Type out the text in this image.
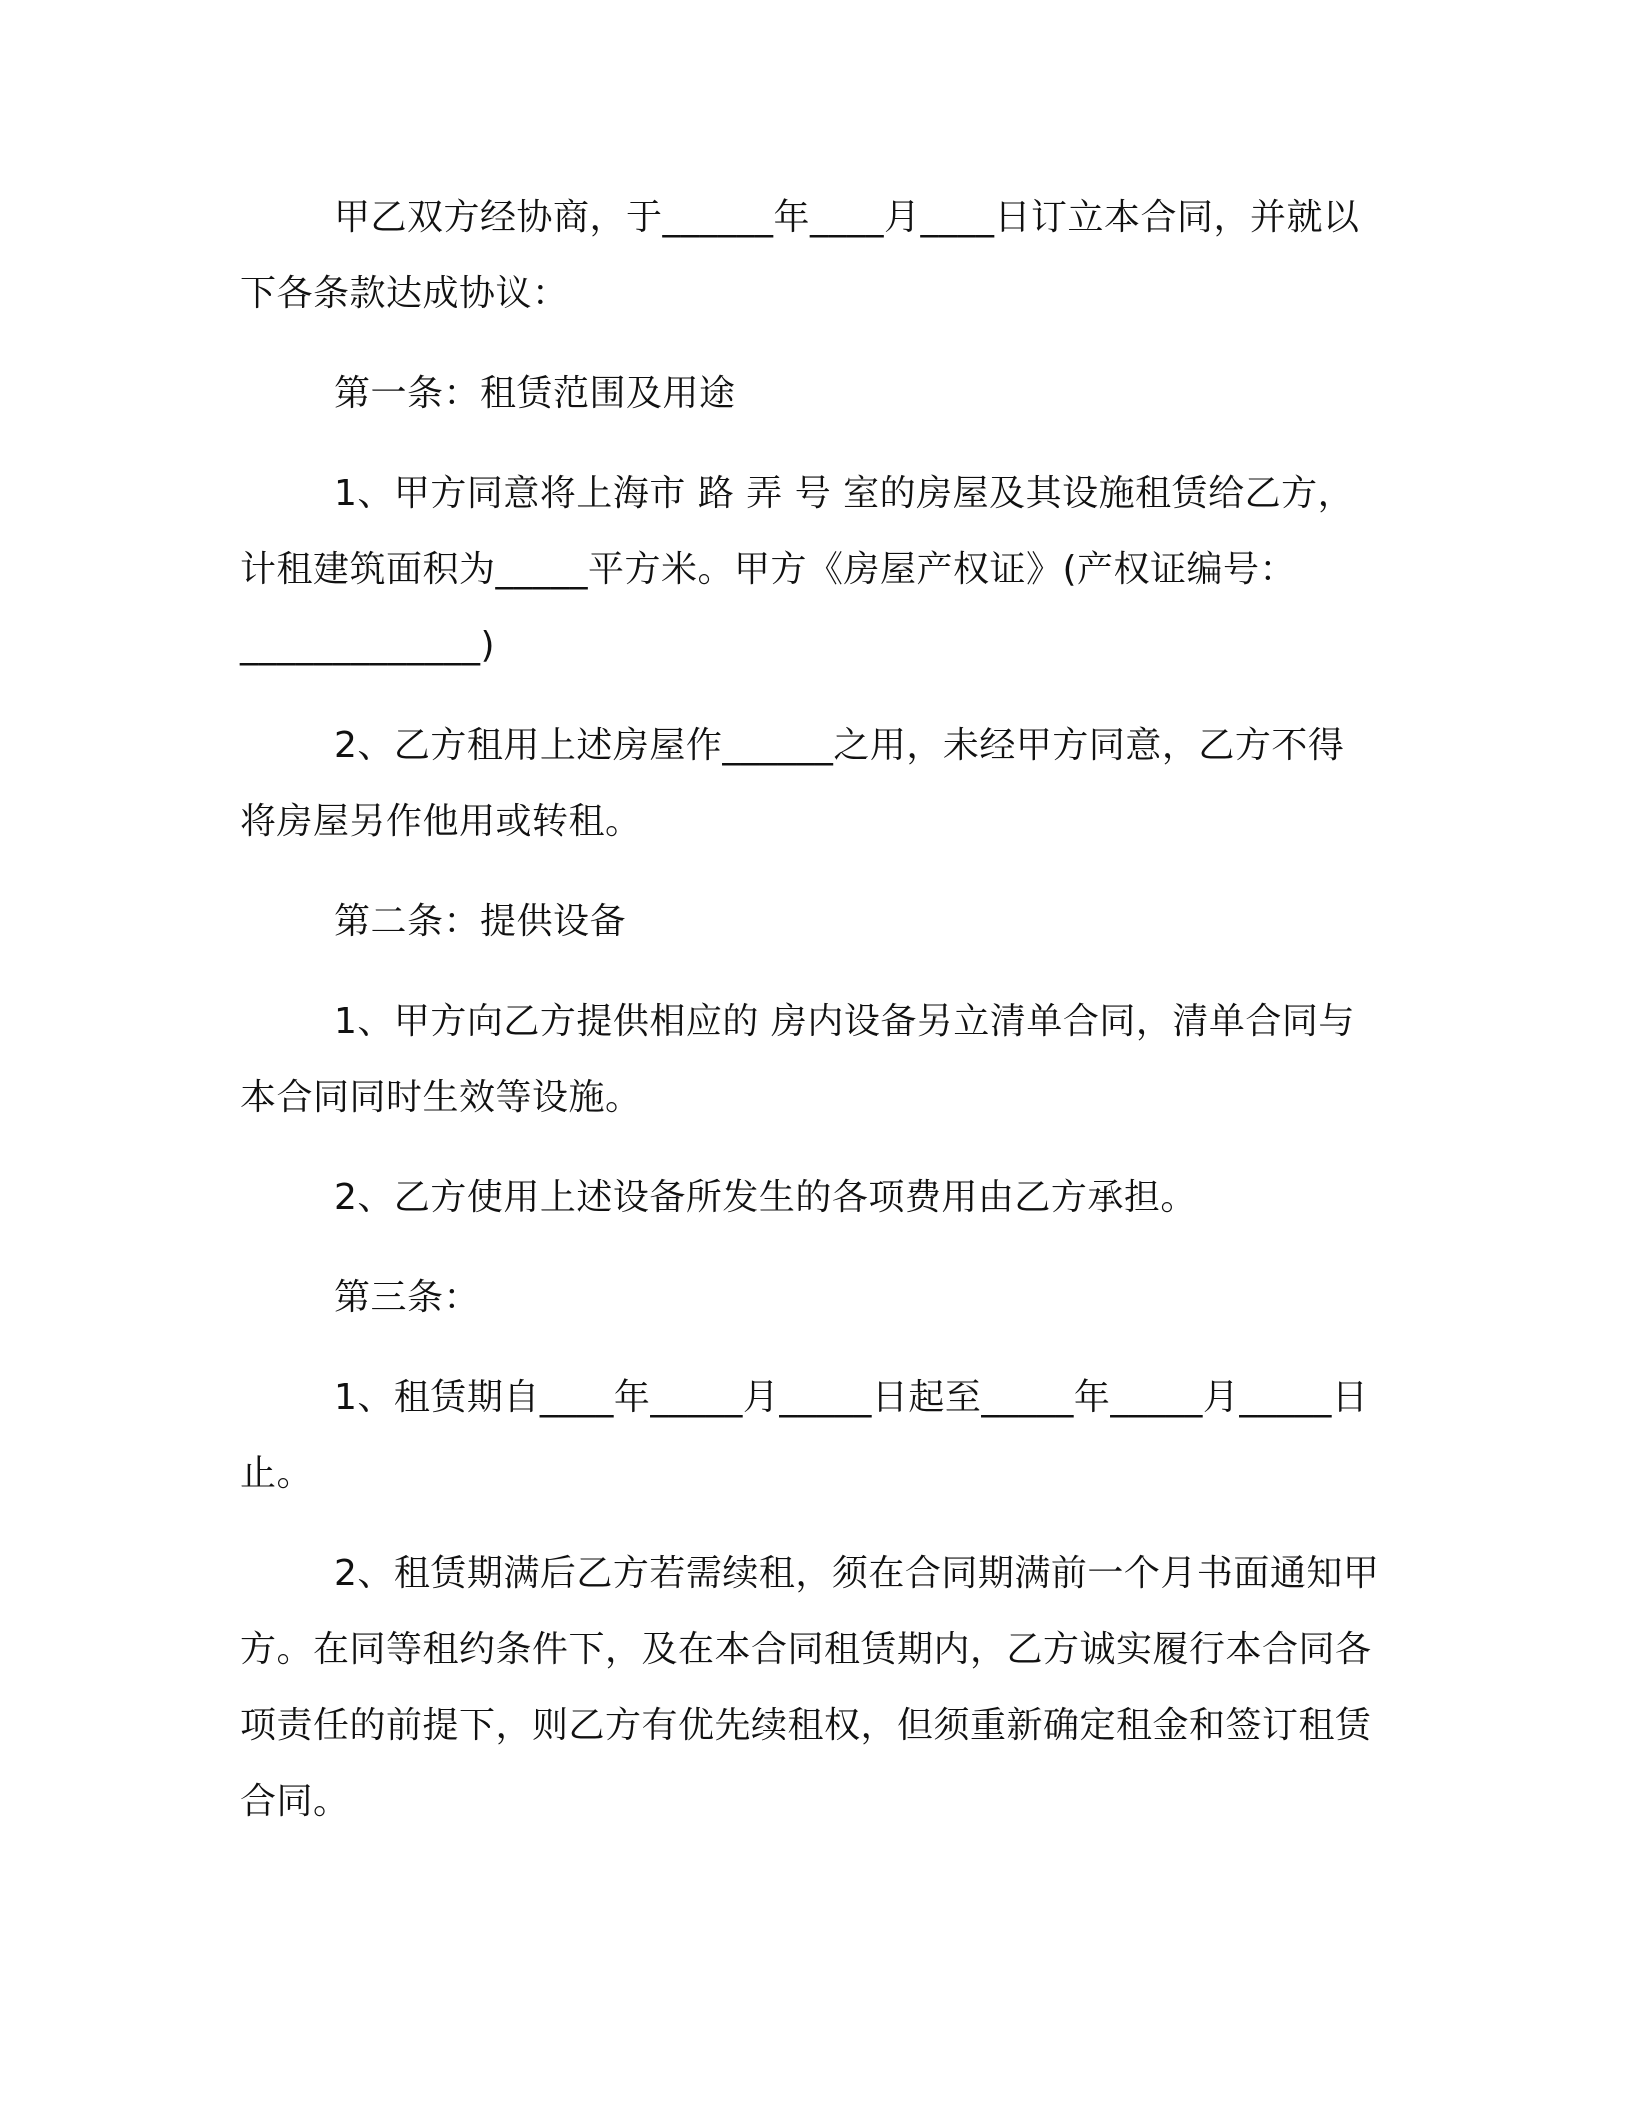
甲乙双方经协商，于______年____月____日订立本合同，并就以下各条款达成协议：

第一条：租赁范围及用途

1、甲方同意将上海市 路 弄 号 室的房屋及其设施租赁给乙方，计租建筑面积为_____平方米。甲方《房屋产权证》(产权证编号：_____________)

2、乙方租用上述房屋作______之用，未经甲方同意，乙方不得将房屋另作他用或转租。

第二条：提供设备

1、甲方向乙方提供相应的 房内设备另立清单合同，清单合同与本合同同时生效等设施。

2、乙方使用上述设备所发生的各项费用由乙方承担。

第三条：

1、租赁期自____年_____月_____日起至_____年_____月_____日止。

2、租赁期满后乙方若需续租，须在合同期满前一个月书面通知甲方。在同等租约条件下，及在本合同租赁期内，乙方诚实履行本合同各项责任的前提下，则乙方有优先续租权，但须重新确定租金和签订租赁合同。
